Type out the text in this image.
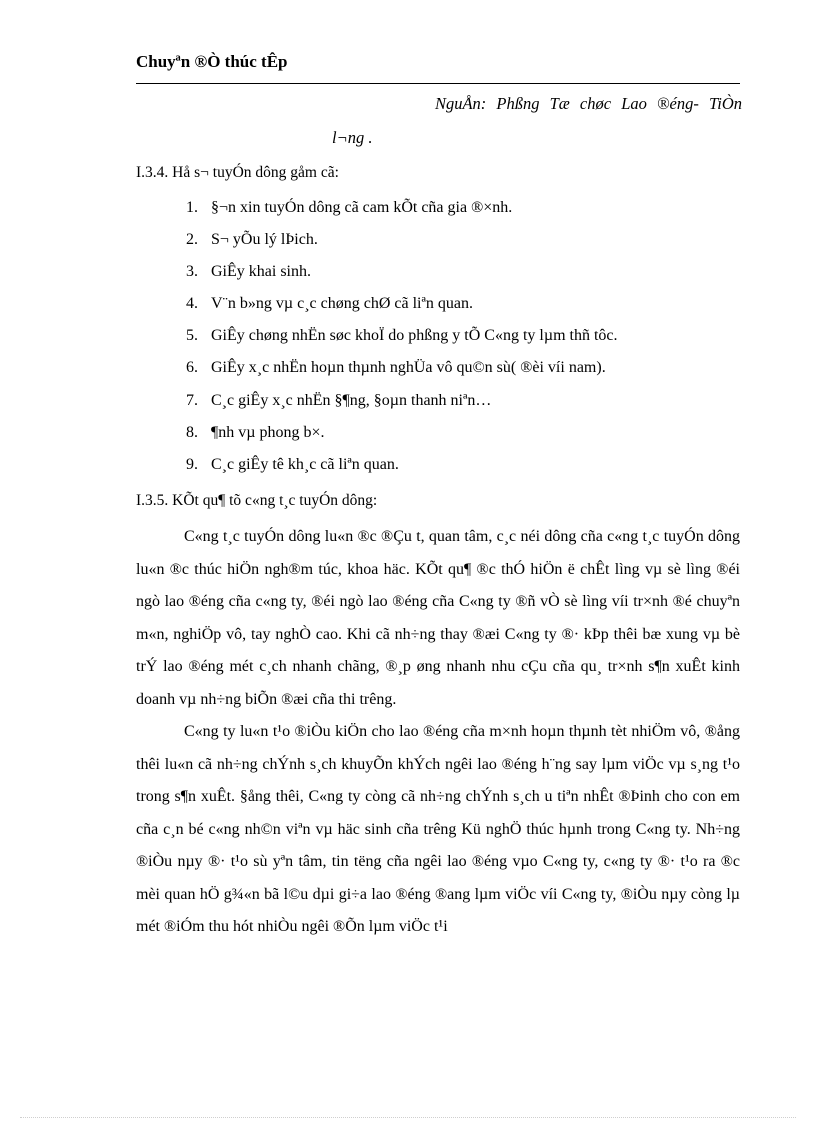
Chuyªn ®Ò thúc tÊp
NguÅn: Phßng Tæ chøc Lao ®éng- TiÒn
l¬ng .
I.3.4. Hå s¬ tuyÓn dông gåm cã:
1. §¬n xin tuyÓn dông cã cam kÕt cña gia ®×nh.
2. S¬ yÕu lý lÞich.
3. GiÊy khai sinh.
4. V¨n b»ng vµ c¸c chøng chØ cã liªn quan.
5. GiÊy chøng nhËn søc khoÏ do phßng y tÕ C«ng ty lµm thñ tôc.
6. GiÊy x¸c nhËn hoµn thµnh nghÜa vô qu©n sù( ®èi víi nam).
7. C¸c giÊy x¸c nhËn §¶ng, §oµn thanh niªn…
8. ¶nh vµ phong b×.
9. C¸c giÊy tê kh¸c cã liªn quan.
I.3.5. KÕt qu¶ tõ c«ng t¸c tuyÓn dông:

C«ng t¸c tuyÓn dông lu«n ®c ®Çu t, quan tâm, c¸c néi dông cña c«ng t¸c tuyÓn dông lu«n ®c thúc hiÖn ngh®m túc, khoa häc. KÕt qu¶ ®c thÓ hiÖn ë chÊt lìng vµ sè lìng ®éi ngò lao ®éng cña c«ng ty, ®éi ngò lao ®éng cña C«ng ty ®ñ vÒ sè lìng víi tr×nh ®é chuyªn m«n, nghiÖp vô, tay nghÒ cao. Khi cã nh÷ng thay ®æi C«ng ty ®· kÞp thêi bæ xung vµ bè trÝ lao ®éng mét c¸ch nhanh chãng, ®¸p øng nhanh nhu cÇu cña qu¸ tr×nh s¶n xuÊt kinh doanh vµ nh÷ng biÕn ®æi cña thi trêng.

C«ng ty lu«n t¹o ®iÒu kiÖn cho lao ®éng cña m×nh hoµn thµnh tèt nhiÖm vô, ®ång thêi lu«n cã nh÷ng chÝnh s¸ch khuyÕn khÝch ngêi lao ®éng h¨ng say lµm viÖc vµ s¸ng t¹o trong s¶n xuÊt. §ång thêi, C«ng ty còng cã nh÷ng chÝnh s¸ch u tiªn nhÊt ®Þinh cho con em cña c¸n bé c«ng nh©n viªn vµ häc sinh cña trêng Kü nghÖ thúc hµnh trong C«ng ty. Nh÷ng ®iÒu nµy ®· t¹o sù yªn tâm, tin tëng cña ngêi lao ®éng vµo C«ng ty, c«ng ty ®· t¹o ra ®c mèi quan hÖ g¾«n bã l©u dµi gi÷a lao ®éng ®ang lµm viÖc víi C«ng ty, ®iÒu nµy còng lµ mét ®iÓm thu hót nhiÒu ngêi ®Õn lµm viÖc t¹i
